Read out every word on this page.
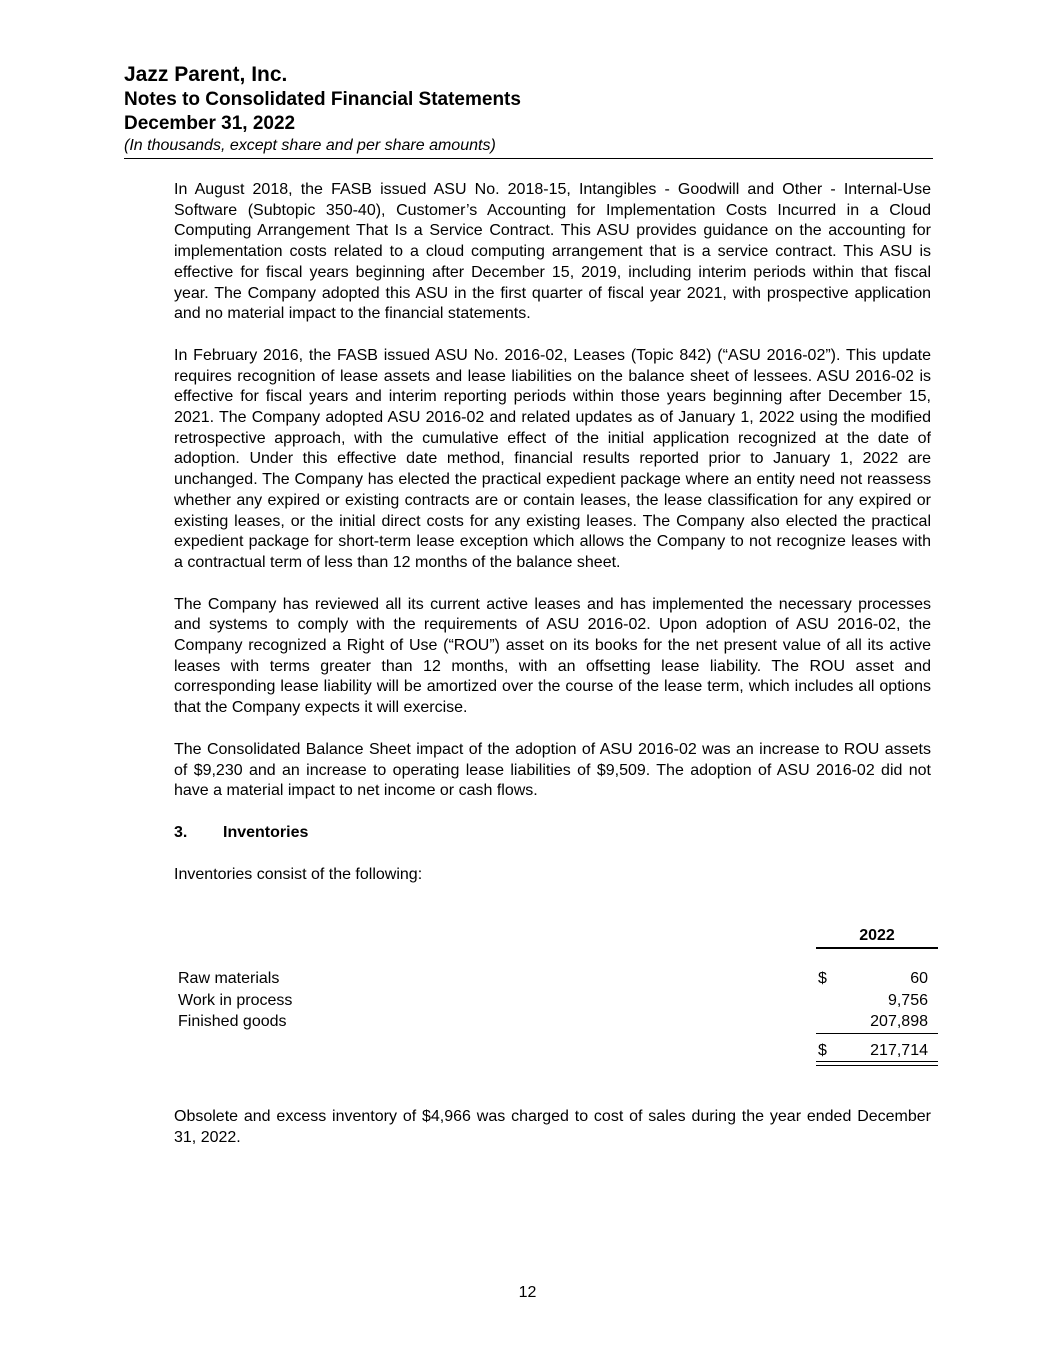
Jazz Parent, Inc.
Notes to Consolidated Financial Statements
December 31, 2022
(In thousands, except share and per share amounts)

In August 2018, the FASB issued ASU No. 2018-15, Intangibles - Goodwill and Other - Internal-Use Software (Subtopic 350-40), Customer’s Accounting for Implementation Costs Incurred in a Cloud Computing Arrangement That Is a Service Contract. This ASU provides guidance on the accounting for implementation costs related to a cloud computing arrangement that is a service contract. This ASU is effective for fiscal years beginning after December 15, 2019, including interim periods within that fiscal year. The Company adopted this ASU in the first quarter of fiscal year 2021, with prospective application and no material impact to the financial statements.

In February 2016, the FASB issued ASU No. 2016-02, Leases (Topic 842) (“ASU 2016-02”). This update requires recognition of lease assets and lease liabilities on the balance sheet of lessees. ASU 2016-02 is effective for fiscal years and interim reporting periods within those years beginning after December 15, 2021. The Company adopted ASU 2016-02 and related updates as of January 1, 2022 using the modified retrospective approach, with the cumulative effect of the initial application recognized at the date of adoption. Under this effective date method, financial results reported prior to January 1, 2022 are unchanged. The Company has elected the practical expedient package where an entity need not reassess whether any expired or existing contracts are or contain leases, the lease classification for any expired or existing leases, or the initial direct costs for any existing leases. The Company also elected the practical expedient package for short-term lease exception which allows the Company to not recognize leases with a contractual term of less than 12 months of the balance sheet.

The Company has reviewed all its current active leases and has implemented the necessary processes and systems to comply with the requirements of ASU 2016-02. Upon adoption of ASU 2016-02, the Company recognized a Right of Use (“ROU”) asset on its books for the net present value of all its active leases with terms greater than 12 months, with an offsetting lease liability. The ROU asset and corresponding lease liability will be amortized over the course of the lease term, which includes all options that the Company expects it will exercise.

The Consolidated Balance Sheet impact of the adoption of ASU 2016-02 was an increase to ROU assets of $9,230 and an increase to operating lease liabilities of $9,509. The adoption of ASU 2016-02 did not have a material impact to net income or cash flows.

3. Inventories

Inventories consist of the following:

2022
Raw materials	$	60
Work in process	9,756
Finished goods	207,898
$	217,714

Obsolete and excess inventory of $4,966 was charged to cost of sales during the year ended December 31, 2022.

12
